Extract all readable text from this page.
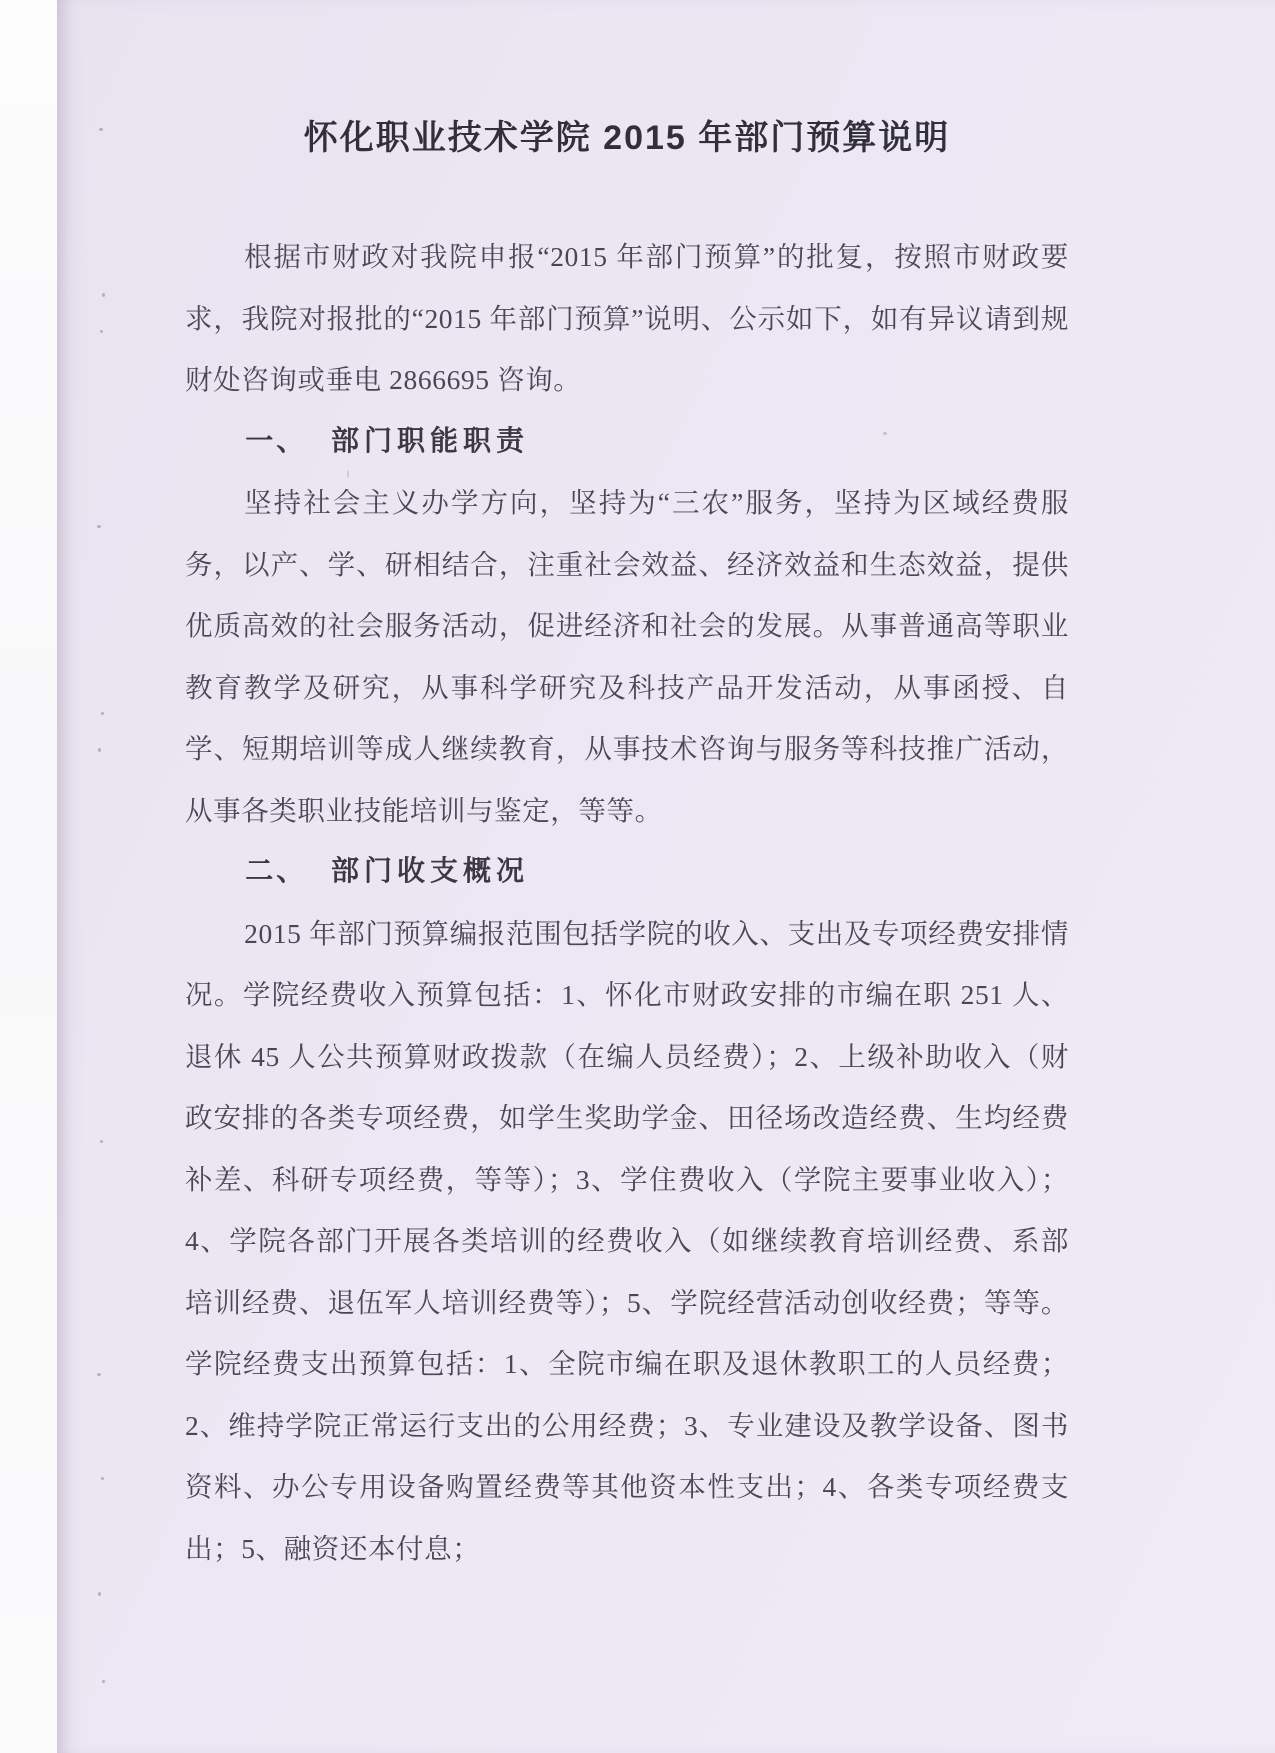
怀化职业技术学院 2015 年部门预算说明

根据市财政对我院申报“2015 年部门预算”的批复，按照市财政要求，我院对报批的“2015 年部门预算”说明、公示如下，如有异议请到规财处咨询或垂电 2866695 咨询。

一、 部门职能职责

坚持社会主义办学方向，坚持为“三农”服务，坚持为区域经费服务，以产、学、研相结合，注重社会效益、经济效益和生态效益，提供优质高效的社会服务活动，促进经济和社会的发展。从事普通高等职业教育教学及研究，从事科学研究及科技产品开发活动，从事函授、自学、短期培训等成人继续教育，从事技术咨询与服务等科技推广活动，从事各类职业技能培训与鉴定，等等。

二、 部门收支概况

2015 年部门预算编报范围包括学院的收入、支出及专项经费安排情况。学院经费收入预算包括：1、怀化市财政安排的市编在职 251 人、退休 45 人公共预算财政拨款（在编人员经费）；2、上级补助收入（财政安排的各类专项经费，如学生奖助学金、田径场改造经费、生均经费补差、科研专项经费，等等）；3、学住费收入（学院主要事业收入）；4、学院各部门开展各类培训的经费收入（如继续教育培训经费、系部培训经费、退伍军人培训经费等）；5、学院经营活动创收经费；等等。学院经费支出预算包括：1、全院市编在职及退休教职工的人员经费；2、维持学院正常运行支出的公用经费；3、专业建设及教学设备、图书资料、办公专用设备购置经费等其他资本性支出；4、各类专项经费支出；5、融资还本付息；
